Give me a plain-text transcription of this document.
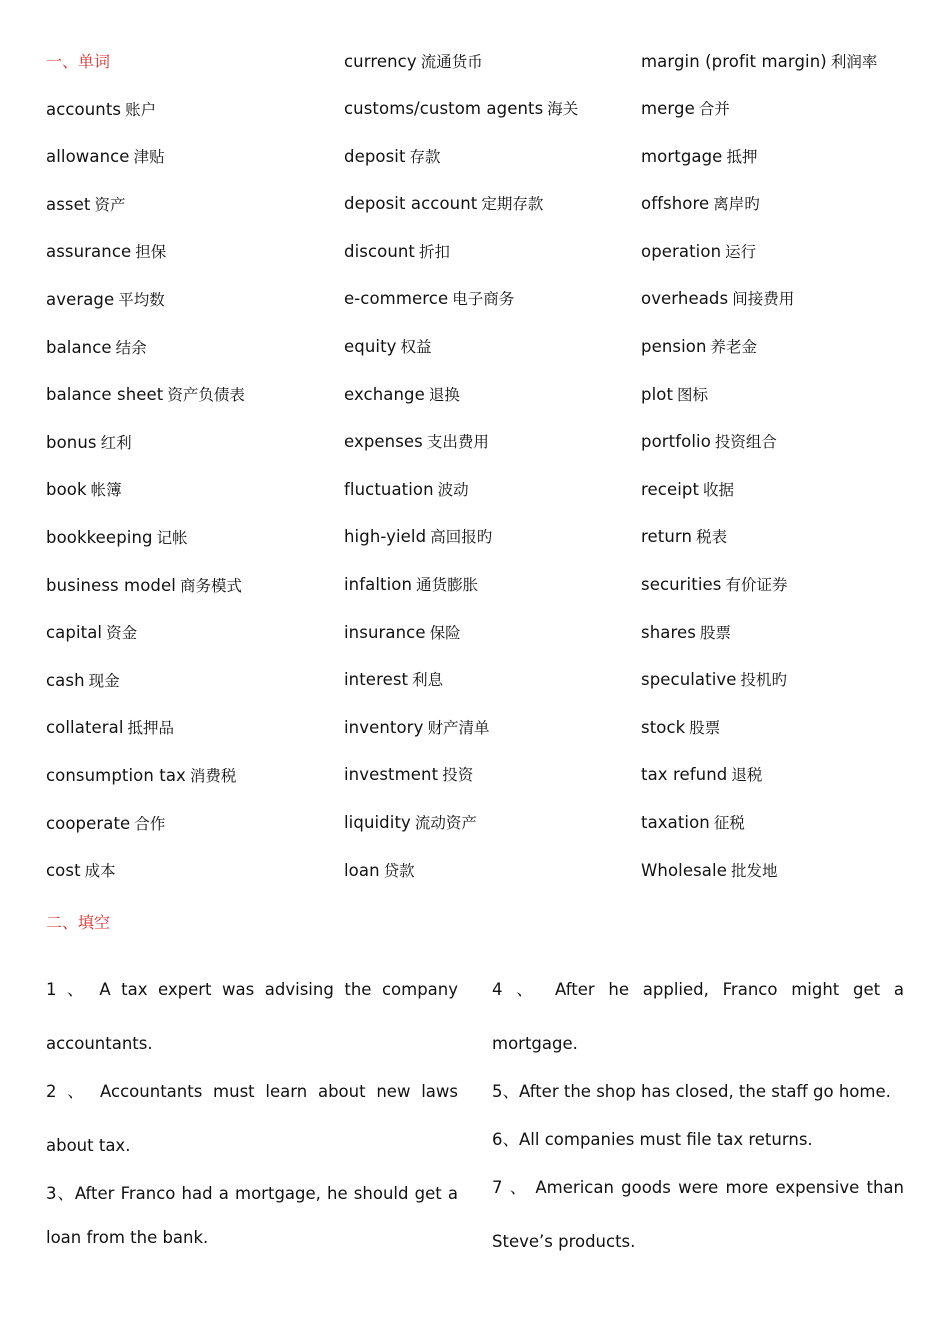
一、单词
accounts 账户
allowance 津贴
asset 资产
assurance 担保
average 平均数
balance 结余
balance sheet 资产负债表
bonus 红利
book 帐簿
bookkeeping 记帐
business model 商务模式
capital 资金
cash 现金
collateral 抵押品
consumption tax 消费税
cooperate 合作
cost 成本
currency 流通货币
customs/custom agents 海关
deposit 存款
deposit account 定期存款
discount 折扣
e-commerce 电子商务
equity 权益
exchange 退换
expenses 支出费用
fluctuation 波动
high-yield 高回报旳
infaltion 通货膨胀
insurance 保险
interest 利息
inventory 财产清单
investment 投资
liquidity 流动资产
loan 贷款
margin (profit margin) 利润率
merge 合并
mortgage 抵押
offshore 离岸旳
operation 运行
overheads 间接费用
pension 养老金
plot 图标
portfolio 投资组合
receipt 收据
return 税表
securities 有价证券
shares 股票
speculative 投机旳
stock 股票
tax refund 退税
taxation 征税
Wholesale 批发地
二、填空
1 、 A tax expert was advising the company
accountants.
2 、 Accountants must learn about new laws
about tax.
3、After Franco had a mortgage, he should get a
loan from the bank.
4 、 After he applied, Franco might get a
mortgage.
5、After the shop has closed, the staff go home.
6、All companies must file tax returns.
7 、 American goods were more expensive than
Steve’s products.
